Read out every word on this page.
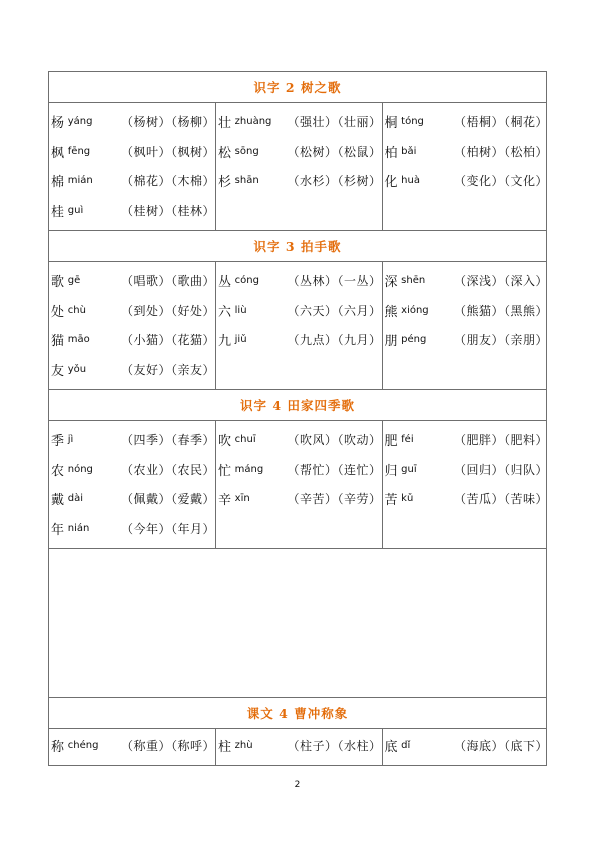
识字 2 树之歌
杨 yáng	（杨树）（杨柳）
枫 fēng	（枫叶）（枫树）
棉 mián	（棉花）（木棉）
桂 guì	（桂树）（桂林）
壮 zhuàng	（强壮）（壮丽）
松 sōng	（松树）（松鼠）
杉 shān	（水杉）（杉树）
桐 tóng	（梧桐）（桐花）
柏 bǎi	（柏树）（松柏）
化 huà	（变化）（文化）
识字 3 拍手歌
歌 gē	（唱歌）（歌曲）
处 chù	（到处）（好处）
猫 māo	（小猫）（花猫）
友 yǒu	（友好）（亲友）
丛 cóng	（丛林）（一丛）
六 liù	（六天）（六月）
九 jiǔ	（九点）（九月）
深 shēn	（深浅）（深入）
熊 xióng	（熊猫）（黑熊）
朋 péng	（朋友）（亲朋）
识字 4 田家四季歌
季 jì	（四季）（春季）
农 nóng	（农业）（农民）
戴 dài	（佩戴）（爱戴）
年 nián	（今年）（年月）
吹 chuī	（吹风）（吹动）
忙 máng	（帮忙）（连忙）
辛 xīn	（辛苦）（辛劳）
肥 féi	（肥胖）（肥料）
归 guī	（回归）（归队）
苦 kǔ	（苦瓜）（苦味）
课文 4 曹冲称象
称 chéng	（称重）（称呼） 柱 zhù	（柱子）（水柱） 底 dǐ	（海底）（底下）
2
